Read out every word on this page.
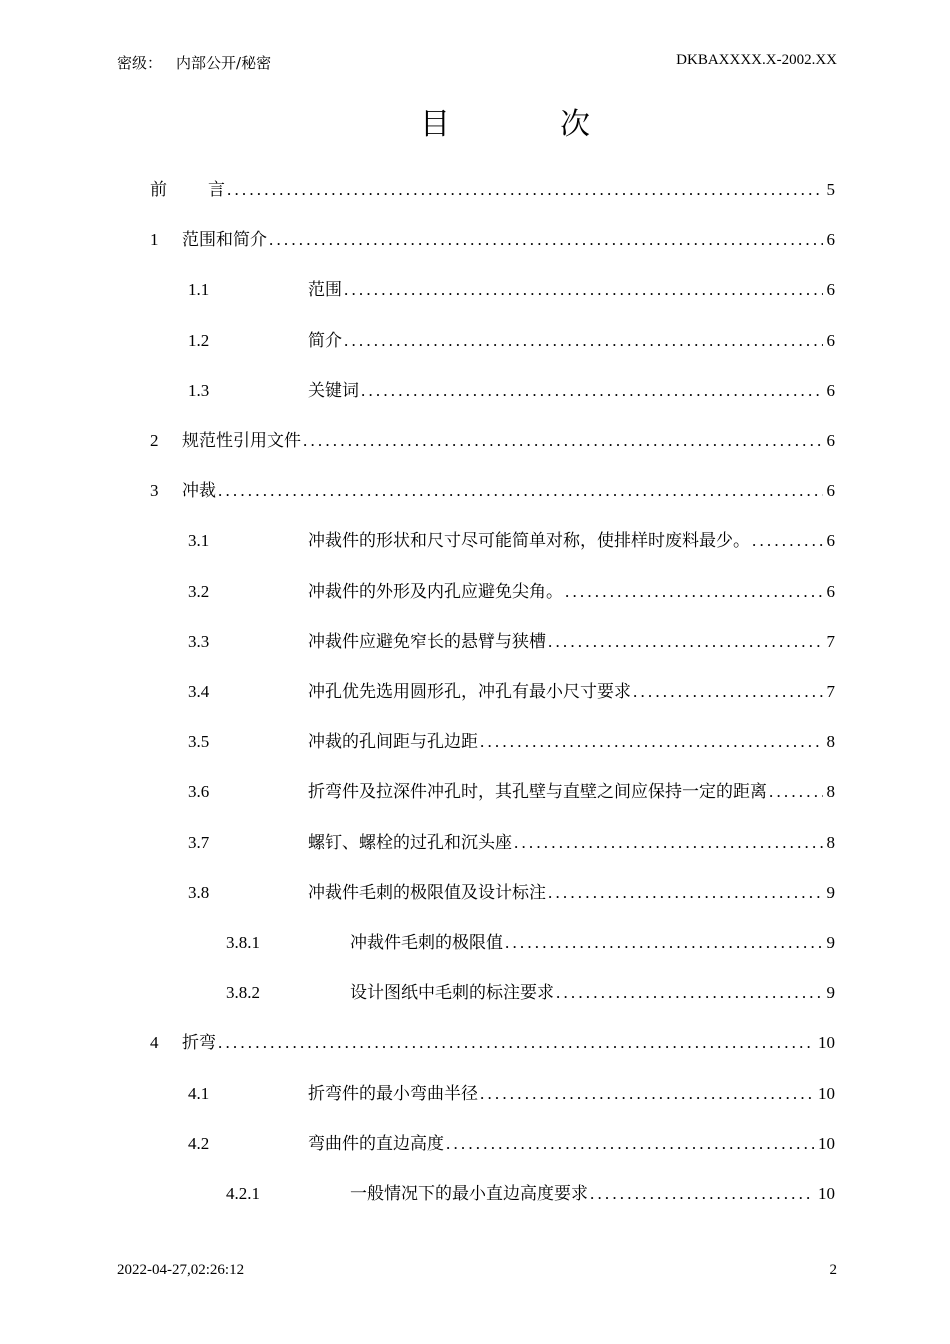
密级： 内部公开/秘密	DKBAXXXX.X-2002.XX
目	次
前	言 .....	5
1	范围和简介 .....	6
1.1	范围 .....	6
1.2	简介 .....	6
1.3	关键词 .....	6
2	规范性引用文件 .....	6
3	冲裁 .....	6
3.1	冲裁件的形状和尺寸尽可能简单对称，使排样时废料最少。 .....	6
3.2	冲裁件的外形及内孔应避免尖角。 .....	6
3.3	冲裁件应避免窄长的悬臂与狭槽 .....	7
3.4	冲孔优先选用圆形孔，冲孔有最小尺寸要求 .....	7
3.5	冲裁的孔间距与孔边距 .....	8
3.6	折弯件及拉深件冲孔时，其孔壁与直壁之间应保持一定的距离 .....	8
3.7	螺钉、螺栓的过孔和沉头座 .....	8
3.8	冲裁件毛刺的极限值及设计标注 .....	9
3.8.1	冲裁件毛刺的极限值 .....	9
3.8.2	设计图纸中毛刺的标注要求 .....	9
4	折弯 .....	10
4.1	折弯件的最小弯曲半径 .....	10
4.2	弯曲件的直边高度 .....	10
4.2.1	一般情况下的最小直边高度要求 .....	10
2022-04-27,02:26:12	2
